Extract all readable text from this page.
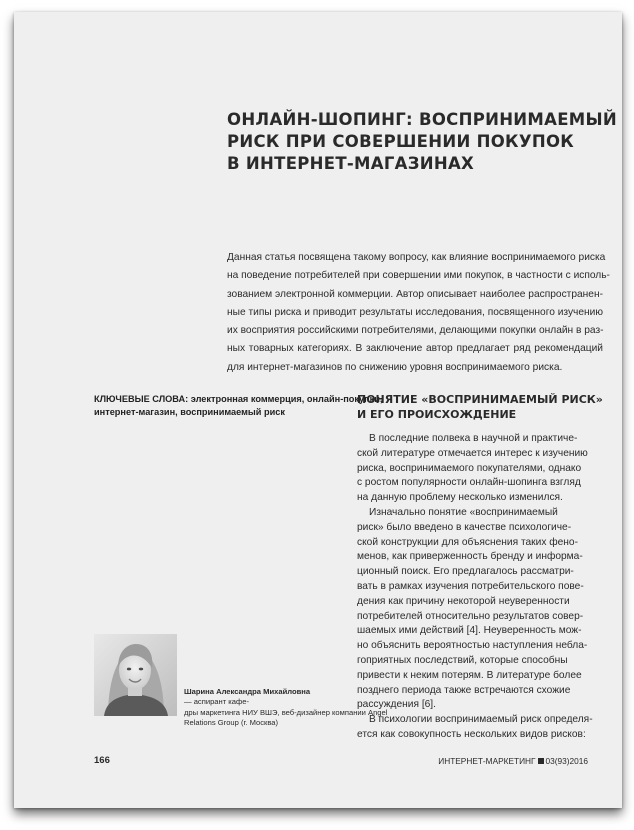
ОНЛАЙН-ШОПИНГ: ВОСПРИНИМАЕМЫЙ
РИСК ПРИ СОВЕРШЕНИИ ПОКУПОК
В ИНТЕРНЕТ-МАГАЗИНАХ
Данная статья посвящена такому вопросу, как влияние воспринимаемого риска
на поведение потребителей при совершении ими покупок, в частности с исполь-
зованием электронной коммерции. Автор описывает наиболее распространен-
ные типы риска и приводит результаты исследования, посвященного изучению
их восприятия российскими потребителями, делающими покупки онлайн в раз-
ных товарных категориях. В заключение автор предлагает ряд рекомендаций
для интернет-магазинов по снижению уровня воспринимаемого риска.
КЛЮЧЕВЫЕ СЛОВА: электронная коммерция, онлайн-покупки,
интернет-магазин, воспринимаемый риск
ПОНЯТИЕ «ВОСПРИНИМАЕМЫЙ РИСК»
И ЕГО ПРОИСХОЖДЕНИЕ
В последние полвека в научной и практиче-
ской литературе отмечается интерес к изучению
риска, воспринимаемого покупателями, однако
с ростом популярности онлайн-шопинга взгляд
на данную проблему несколько изменился.
Изначально понятие «воспринимаемый
риск» было введено в качестве психологиче-
ской конструкции для объяснения таких фено-
менов, как приверженность бренду и информа-
ционный поиск. Его предлагалось рассматри-
вать в рамках изучения потребительского пове-
дения как причину некоторой неуверенности
потребителей относительно результатов совер-
шаемых ими действий [4]. Неуверенность мож-
но объяснить вероятностью наступления небла-
гоприятных последствий, которые способны
привести к неким потерям. В литературе более
позднего периода также встречаются схожие
рассуждения [6].
В психологии воспринимаемый риск определя-
ется как совокупность нескольких видов рисков:
Шарина Александра Михайловна
— аспирант кафе-
дры маркетинга НИУ ВШЭ, веб-дизайнер компании Angel
Relations Group (г. Москва)
166	ИНТЕРНЕТ-МАРКЕТИНГ 03(93)2016
